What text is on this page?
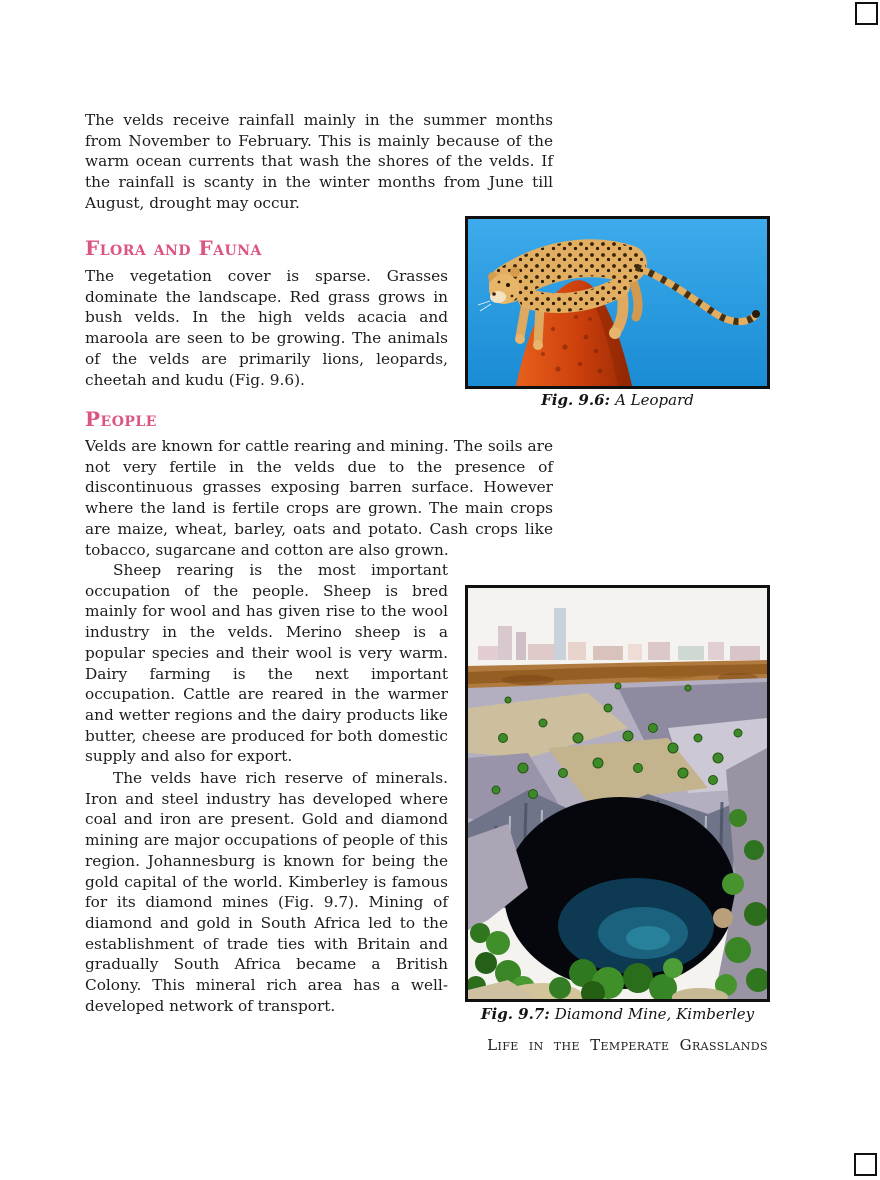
The velds receive rainfall mainly in the summer months from November to February. This is mainly because of the warm ocean currents that wash the shores of the velds. If the rainfall is scanty in the winter months from June till August, drought may occur.

Flora and Fauna

The vegetation cover is sparse. Grasses dominate the landscape. Red grass grows in bush velds. In the high velds acacia and maroola are seen to be growing. The animals of the velds are primarily lions, leopards, cheetah and kudu (Fig. 9.6).

Fig. 9.6: A Leopard
People

Velds are known for cattle rearing and mining. The soils are not very fertile in the velds due to the presence of discontinuous grasses exposing barren surface. However where the land is fertile crops are grown. The main crops are maize, wheat, barley, oats and potato. Cash crops like tobacco, sugarcane and cotton are also grown.

Sheep rearing is the most important occupation of the people. Sheep is bred mainly for wool and has given rise to the wool industry in the velds. Merino sheep is a popular species and their wool is very warm. Dairy farming is the next important occupation. Cattle are reared in the warmer and wetter regions and the dairy products like butter, cheese are produced for both domestic supply and also for export.

The velds have rich reserve of minerals. Iron and steel industry has developed where coal and iron are present. Gold and diamond mining are major occupations of people of this region. Johannesburg is known for being the gold capital of the world. Kimberley is famous for its diamond mines (Fig. 9.7). Mining of diamond and gold in South Africa led to the establishment of trade ties with Britain and gradually South Africa became a British Colony. This mineral rich area has a well-developed network of transport.	Fig. 9.7: Diamond Mine, Kimberley
Life in the Temperate Grasslands
